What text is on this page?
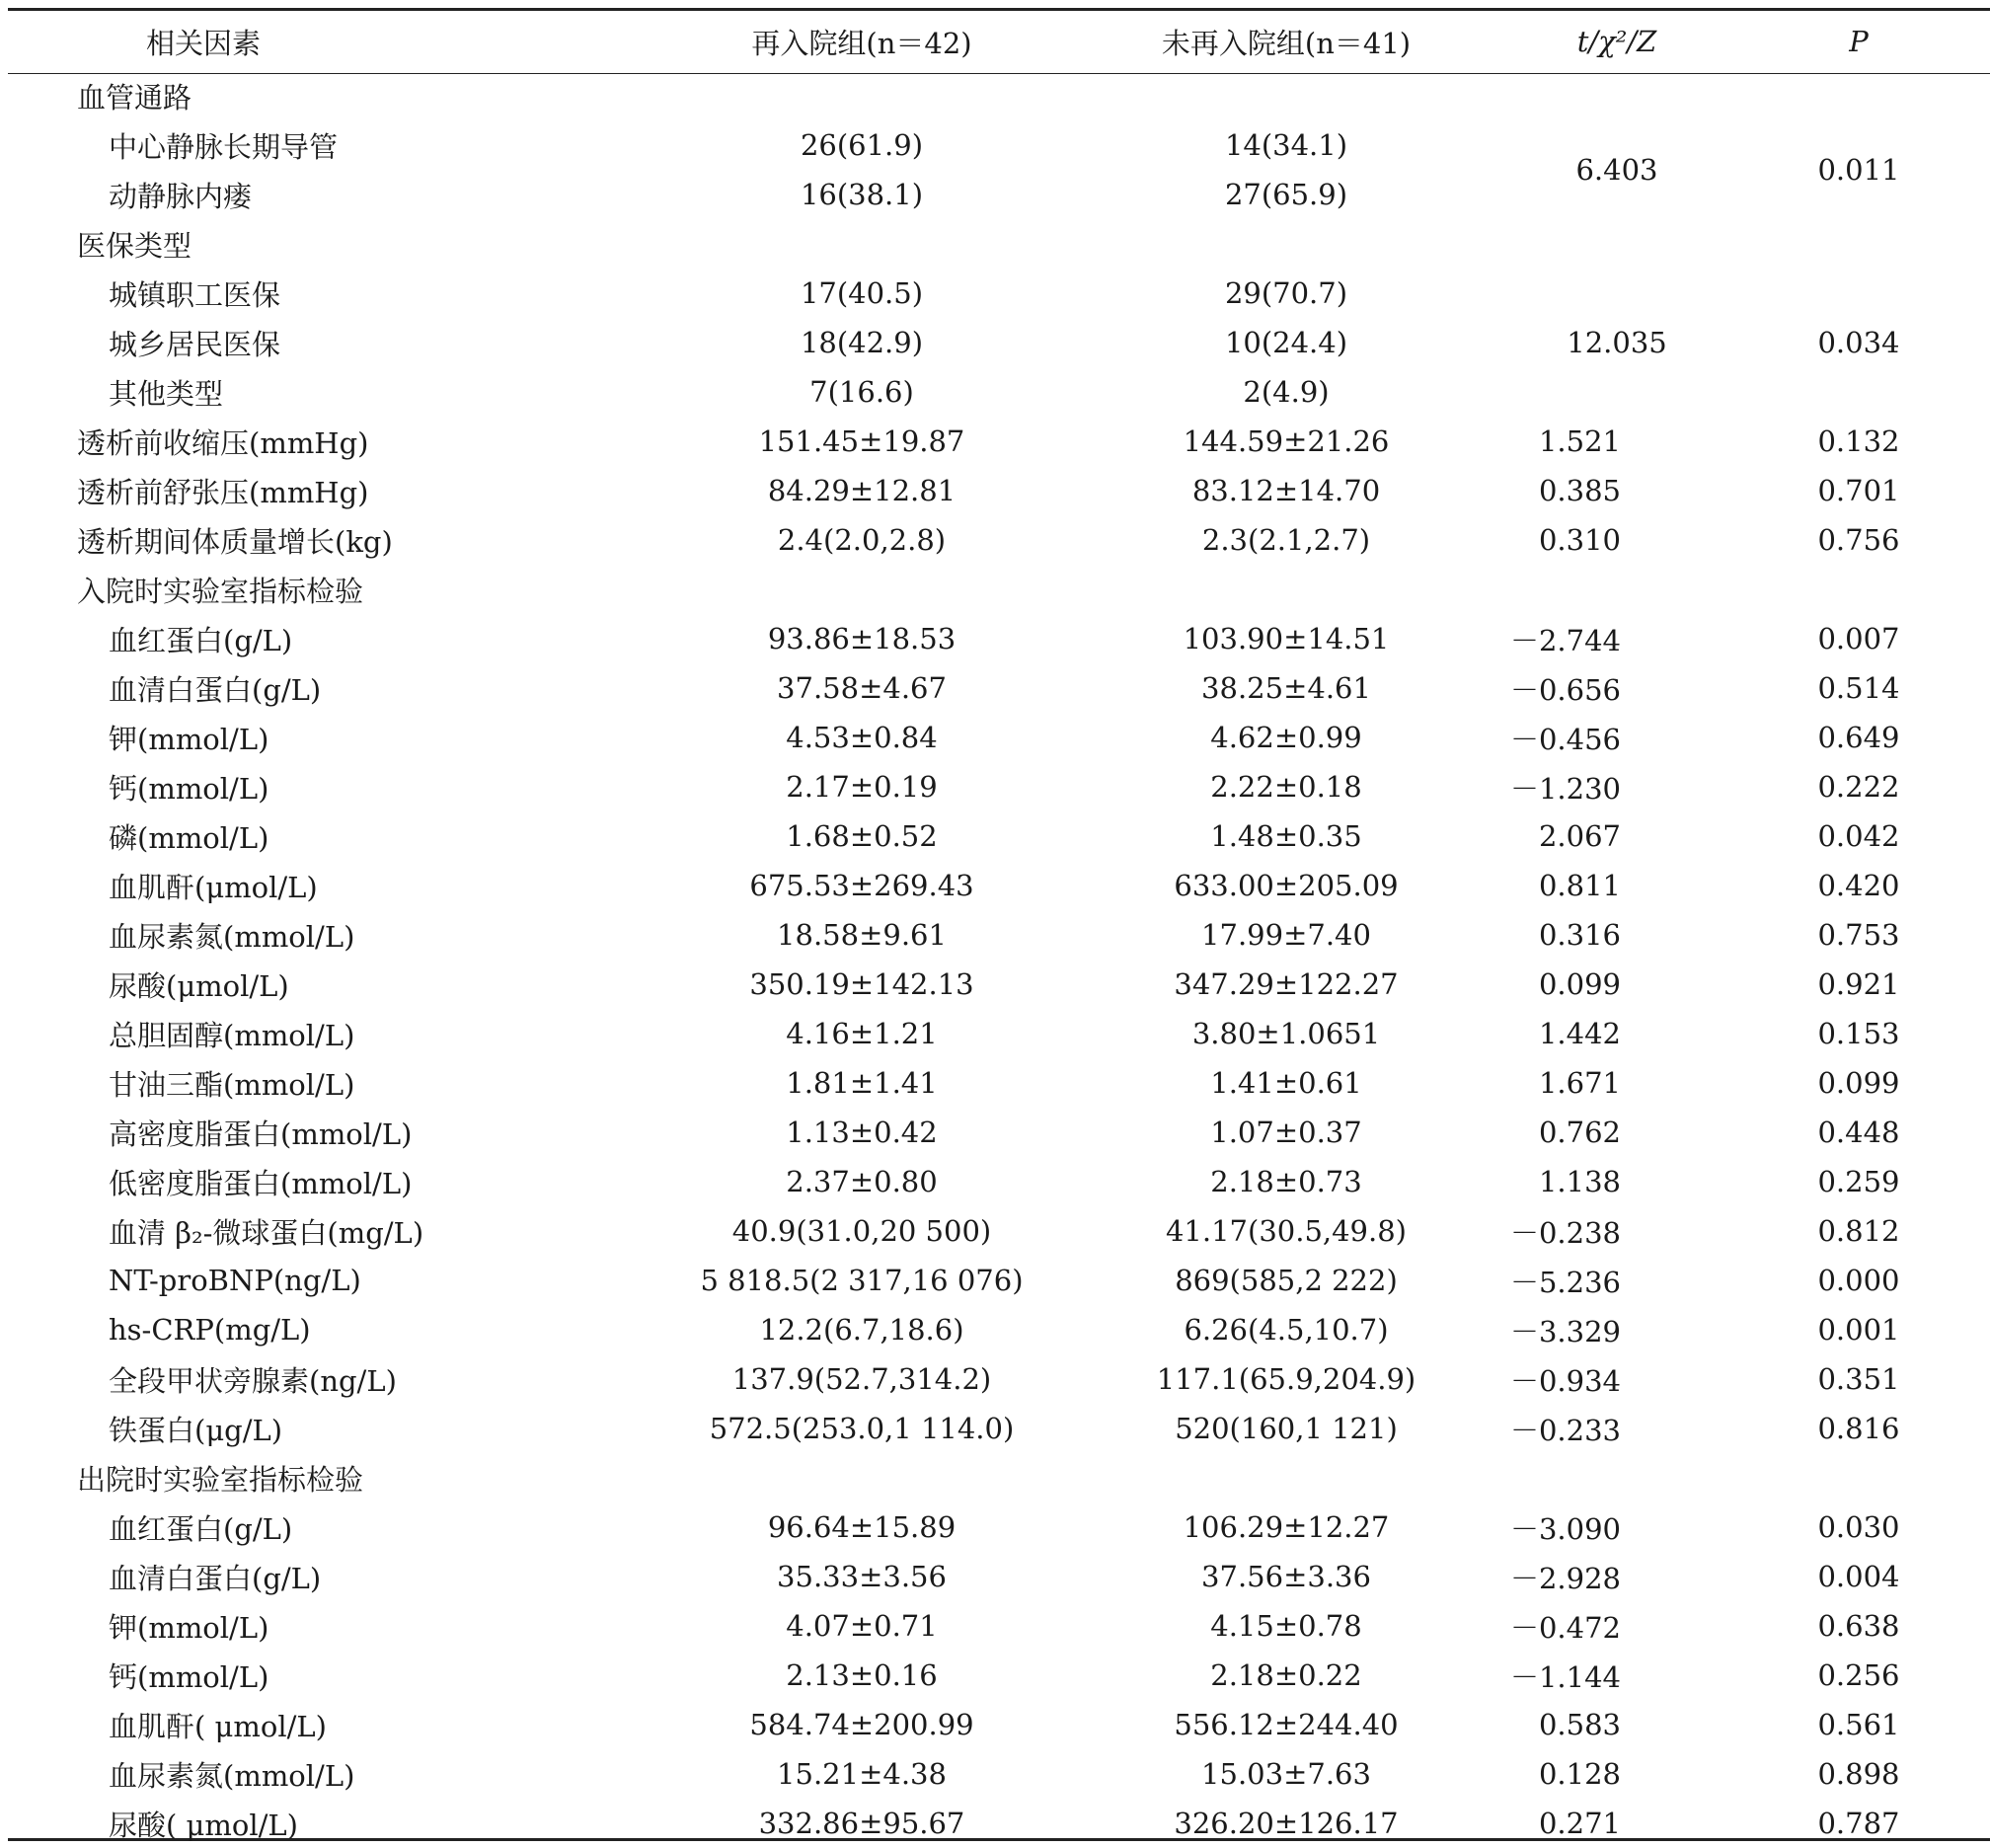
相关因素	再入院组(n＝42)	未再入院组(n＝41)	t/χ²/Z	P
血管通路				
中心静脉长期导管	26(61.9)	14(34.1)	6.403	0.011
动静脉内瘘	16(38.1)	27(65.9)		
医保类型				
城镇职工医保	17(40.5)	29(70.7)	12.035	0.034
城乡居民医保	18(42.9)	10(24.4)		
其他类型	7(16.6)	2(4.9)		
透析前收缩压(mmHg)	151.45±19.87	144.59±21.26	1.521	0.132
透析前舒张压(mmHg)	84.29±12.81	83.12±14.70	0.385	0.701
透析期间体质量增长(kg)	2.4(2.0,2.8)	2.3(2.1,2.7)	0.310	0.756
入院时实验室指标检验				
血红蛋白(g/L)	93.86±18.53	103.90±14.51	－2.744	0.007
血清白蛋白(g/L)	37.58±4.67	38.25±4.61	－0.656	0.514
钾(mmol/L)	4.53±0.84	4.62±0.99	－0.456	0.649
钙(mmol/L)	2.17±0.19	2.22±0.18	－1.230	0.222
磷(mmol/L)	1.68±0.52	1.48±0.35	2.067	0.042
血肌酐(μmol/L)	675.53±269.43	633.00±205.09	0.811	0.420
血尿素氮(mmol/L)	18.58±9.61	17.99±7.40	0.316	0.753
尿酸(μmol/L)	350.19±142.13	347.29±122.27	0.099	0.921
总胆固醇(mmol/L)	4.16±1.21	3.80±1.0651	1.442	0.153
甘油三酯(mmol/L)	1.81±1.41	1.41±0.61	1.671	0.099
高密度脂蛋白(mmol/L)	1.13±0.42	1.07±0.37	0.762	0.448
低密度脂蛋白(mmol/L)	2.37±0.80	2.18±0.73	1.138	0.259
血清 β₂-微球蛋白(mg/L)	40.9(31.0,20 500)	41.17(30.5,49.8)	－0.238	0.812
NT-proBNP(ng/L)	5 818.5(2 317,16 076)	869(585,2 222)	－5.236	0.000
hs-CRP(mg/L)	12.2(6.7,18.6)	6.26(4.5,10.7)	－3.329	0.001
全段甲状旁腺素(ng/L)	137.9(52.7,314.2)	117.1(65.9,204.9)	－0.934	0.351
铁蛋白(μg/L)	572.5(253.0,1 114.0)	520(160,1 121)	－0.233	0.816
出院时实验室指标检验				
血红蛋白(g/L)	96.64±15.89	106.29±12.27	－3.090	0.030
血清白蛋白(g/L)	35.33±3.56	37.56±3.36	－2.928	0.004
钾(mmol/L)	4.07±0.71	4.15±0.78	－0.472	0.638
钙(mmol/L)	2.13±0.16	2.18±0.22	－1.144	0.256
血肌酐( μmol/L)	584.74±200.99	556.12±244.40	0.583	0.561
血尿素氮(mmol/L)	15.21±4.38	15.03±7.63	0.128	0.898
尿酸( μmol/L)	332.86±95.67	326.20±126.17	0.271	0.787
